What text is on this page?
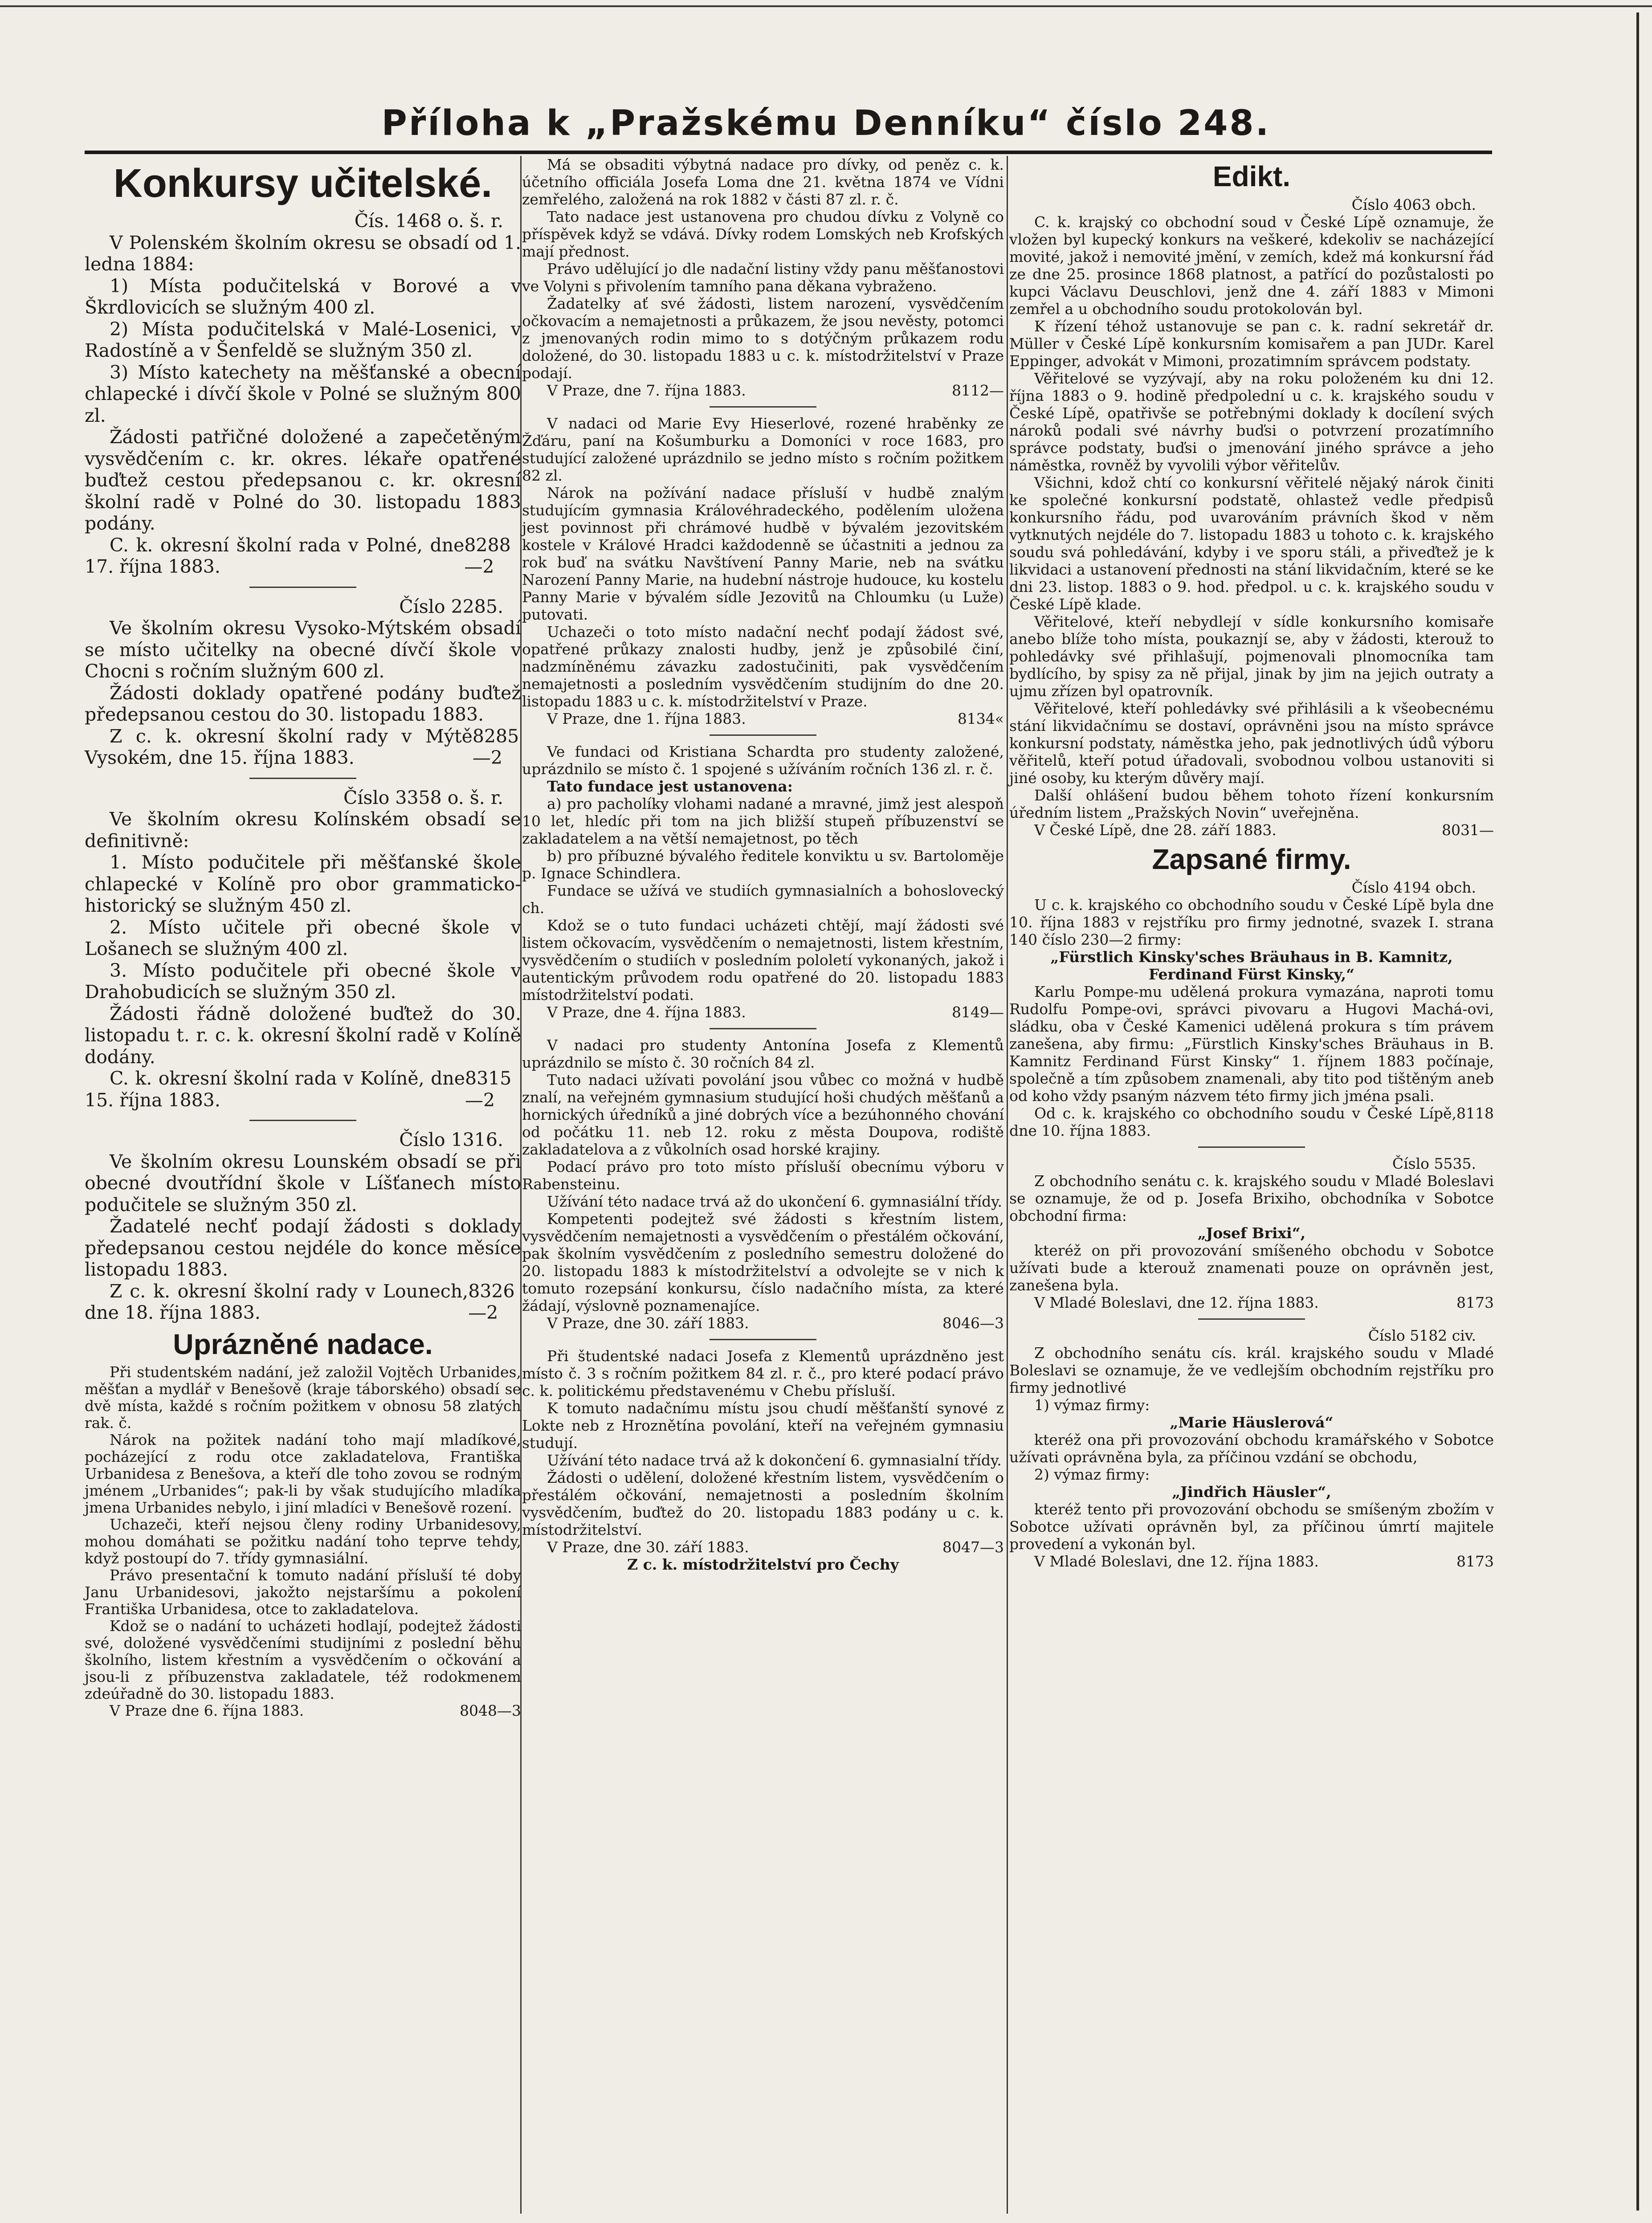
Příloha k „Pražskému Denníku“ číslo 248.
Konkursy učitelské.

Čís. 1468 o. š. r.

V Polenském školním okresu se obsadí od 1. ledna 1884:

1) Místa podučitelská v Borové a v Škrdlovicích se služným 400 zl.

2) Místa podučitelská v Malé-Losenici, v Radostíně a v Šenfeldě se služným 350 zl.

3) Místo katechety na měšťanské a obecní chlapecké i dívčí škole v Polné se služným 800 zl.

Žádosti patřičné doložené a zapečetěným vysvědčením c. kr. okres. lékaře opatřené buďtež cestou předepsanou c. kr. okresní školní radě v Polné do 30. listopadu 1883 podány.

C. k. okresní školní rada v Polné, dne 17. října 1883.
8288—2

Číslo 2285.

Ve školním okresu Vysoko-Mýtském obsadí se místo učitelky na obecné dívčí škole v Chocni s ročním služným 600 zl.

Žádosti doklady opatřené podány buďtež předepsanou cestou do 30. listopadu 1883.

Z c. k. okresní školní rady v Mýtě Vysokém, dne 15. října 1883.
8285—2

Číslo 3358 o. š. r.

Ve školním okresu Kolínském obsadí se definitivně:

1. Místo podučitele při měšťanské škole chlapecké v Kolíně pro obor grammaticko-historický se služným 450 zl.

2. Místo učitele při obecné škole v Lošanech se služným 400 zl.

3. Místo podučitele při obecné škole v Drahobudicích se služným 350 zl.

Žádosti řádně doložené buďtež do 30. listopadu t. r. c. k. okresní školní radě v Kolíně dodány.

C. k. okresní školní rada v Kolíně, dne 15. října 1883.
8315—2

Číslo 1316.

Ve školním okresu Lounském obsadí se při obecné dvoutřídní škole v Líšťanech místo podučitele se služným 350 zl.

Žadatelé nechť podají žádosti s doklady předepsanou cestou nejdéle do konce měsíce listopadu 1883.

Z c. k. okresní školní rady v Lounech, dne 18. října 1883.
8326—2
Uprázněné nadace.

Při studentském nadání, jež založil Vojtěch Urbanides, měšťan a mydlář v Benešově (kraje táborského) obsadí se dvě místa, každé s ročním požitkem v obnosu 58 zlatých rak. č.

Nárok na požitek nadání toho mají mladíkové, pocházející z rodu otce zakladatelova, Františka Urbanidesa z Benešova, a kteří dle toho zovou se rodným jménem „Urbanides“; pak-li by však studujícího mladíka jmena Urbanides nebylo, i jiní mladíci v Benešově rození.

Uchazeči, kteří nejsou členy rodiny Urbanidesovy, mohou domáhati se požitku nadání toho teprve tehdy, když postoupí do 7. třídy gymnasiální.

Právo presentační k tomuto nadání přísluší té doby Janu Urbanidesovi, jakožto nejstaršímu a pokolení Františka Urbanidesa, otce to zakladatelova.

Kdož se o nadání to ucházeti hodlají, podejtež žádosti své, doložené vysvědčeními studijními z poslední běhu školního, listem křestním a vysvědčením o očkování a jsou-li z příbuzenstva zakladatele, též rodokmenem zdeúřadně do 30. listopadu 1883.

V Praze dne 6. října 1883.	8048—3

Má se obsaditi výbytná nadace pro dívky, od peněz c. k. účetního officiála Josefa Loma dne 21. května 1874 ve Vídni zemřelého, založená na rok 1882 v části 87 zl. r. č.

Tato nadace jest ustanovena pro chudou dívku z Volyně co příspěvek když se vdává. Dívky rodem Lomských neb Krofských mají přednost.

Právo udělující jo dle nadační listiny vždy panu měšťanostovi ve Volyni s přivolením tamního pana děkana vybraženo.

Žadatelky ať své žádosti, listem narození, vysvědčením očkovacím a nemajetnosti a průkazem, že jsou nevěsty, potomci z jmenovaných rodin mimo to s dotýčným průkazem rodu doložené, do 30. listopadu 1883 u c. k. místodržitelství v Praze podají.

V Praze, dne 7. října 1883.	8112—

V nadaci od Marie Evy Hieserlové, rozené hraběnky ze Žďáru, paní na Košumburku a Domoníci v roce 1683, pro studující založené uprázdnilo se jedno místo s ročním požitkem 82 zl.

Nárok na požívání nadace přísluší v hudbě znalým studujícím gymnasia Královéhradeckého, podělením uložena jest povinnost při chrámové hudbě v bývalém jezovitském kostele v Králové Hradci každodenně se účastniti a jednou za rok buď na svátku Navštívení Panny Marie, neb na svátku Narození Panny Marie, na hudební nástroje hudouce, ku kostelu Panny Marie v bývalém sídle Jezovitů na Chloumku (u Luže) putovati.

Uchazeči o toto místo nadační nechť podají žádost své, opatřené průkazy znalosti hudby, jenž je způsobilé činí, nadzmíněnému závazku zadostučiniti, pak vysvědčením nemajetnosti a posledním vysvědčením studijním do dne 20. listopadu 1883 u c. k. místodržitelství v Praze.

V Praze, dne 1. října 1883.	8134«

Ve fundaci od Kristiana Schardta pro studenty založené, uprázdnilo se místo č. 1 spojené s užíváním ročních 136 zl. r. č.

Tato fundace jest ustanovena:

a) pro pacholíky vlohami nadané a mravné, jimž jest alespoň 10 let, hledíc při tom na jich bližší stupeň příbuzenství se zakladatelem a na větší nemajetnost, po těch

b) pro příbuzné bývalého ředitele konviktu u sv. Bartoloměje p. Ignace Schindlera.

Fundace se užívá ve studiích gymnasialních a bohoslovecký ch.

Kdož se o tuto fundaci ucházeti chtějí, mají žádosti své listem očkovacím, vysvědčením o nemajetnosti, listem křestním, vysvědčením o studiích v posledním pololetí vykonaných, jakož i autentickým průvodem rodu opatřené do 20. listopadu 1883 místodržitelství podati.

V Praze, dne 4. října 1883.	8149—

V nadaci pro studenty Antonína Josefa z Klementů uprázdnilo se místo č. 30 ročních 84 zl.

Tuto nadaci užívati povolání jsou vůbec co možná v hudbě znalí, na veřejném gymnasium studující hoši chudých měšťanů a hornických úředníků a jiné dobrých více a bezúhonného chování od počátku 11. neb 12. roku z města Doupova, rodiště zakladatelova a z vůkolních osad horské krajiny.

Podací právo pro toto místo přísluší obecnímu výboru v Rabensteinu.

Užívání této nadace trvá až do ukončení 6. gymnasiální třídy.

Kompetenti podejtež své žádosti s křestním listem, vysvědčením nemajetnosti a vysvědčením o přestálém očkování, pak školním vysvědčením z posledního semestru doložené do 20. listopadu 1883 k místodržitelství a odvolejte se v nich k tomuto rozepsání konkursu, číslo nadačního místa, za které žádají, výslovně poznamenajíce.

V Praze, dne 30. září 1883.	8046—3

Při študentské nadaci Josefa z Klementů uprázdněno jest místo č. 3 s ročním požitkem 84 zl. r. č., pro které podací právo c. k. politickému představenému v Chebu přísluší.

K tomuto nadačnímu místu jsou chudí měšťanští synové z Lokte neb z Hroznětína povolání, kteří na veřejném gymnasiu studují.

Užívání této nadace trvá až k dokončení 6. gymnasialní třídy.

Žádosti o udělení, doložené křestním listem, vysvědčením o přestálém očkování, nemajetnosti a posledním školním vysvědčením, buďtež do 20. listopadu 1883 podány u c. k. místodržitelství.

V Praze, dne 30. září 1883.	8047—3

Z c. k. místodržitelství pro Čechy

Edikt.

Číslo 4063 obch.

C. k. krajský co obchodní soud v České Lípě oznamuje, že vložen byl kupecký konkurs na veškeré, kdekoliv se nacházející movité, jakož i nemovité jmění, v zemích, kdež má konkursní řád ze dne 25. prosince 1868 platnost, a patřící do pozůstalosti po kupci Václavu Deuschlovi, jenž dne 4. září 1883 v Mimoni zemřel a u obchodního soudu protokolován byl.

K řízení téhož ustanovuje se pan c. k. radní sekretář dr. Müller v České Lípě konkursním komisařem a pan JUDr. Karel Eppinger, advokát v Mimoni, prozatimním správcem podstaty.

Věřitelové se vyzývají, aby na roku položeném ku dni 12. října 1883 o 9. hodině předpolední u c. k. krajského soudu v České Lípě, opatřivše se potřebnými doklady k docílení svých nároků podali své návrhy buďsi o potvrzení prozatímního správce podstaty, buďsi o jmenování jiného správce a jeho náměstka, rovněž by vyvolili výbor věřitelův.

Všichni, kdož chtí co konkursní věřitelé nějaký nárok činiti ke společné konkursní podstatě, ohlastež vedle předpisů konkursního řádu, pod uvarováním právních škod v něm vytknutých nejdéle do 7. listopadu 1883 u tohoto c. k. krajského soudu svá pohledávání, kdyby i ve sporu stáli, a přiveďtež je k likvidaci a ustanovení přednosti na stání likvidačním, které se ke dni 23. listop. 1883 o 9. hod. předpol. u c. k. krajského soudu v České Lípě klade.

Věřitelové, kteří nebydlejí v sídle konkursního komisaře anebo blíže toho místa, poukaznjí se, aby v žádosti, kterouž to pohledávky své přihlašují, pojmenovali plnomocníka tam bydlícího, by spisy za ně přijal, jinak by jim na jejich outraty a ujmu zřízen byl opatrovník.

Věřitelové, kteří pohledávky své přihlásili a k všeobecnému stání likvidačnímu se dostaví, oprávněni jsou na místo správce konkursní podstaty, náměstka jeho, pak jednotlivých údů výboru věřitelů, kteří potud úřadovali, svobodnou volbou ustanoviti si jiné osoby, ku kterým důvěry mají.

Další ohlášení budou během tohoto řízení konkursním úředním listem „Pražských Novin“ uveřejněna.

V České Lípě, dne 28. září 1883.	8031—
Zapsané firmy.

Číslo 4194 obch.

U c. k. krajského co obchodního soudu v České Lípě byla dne 10. října 1883 v rejstříku pro firmy jednotné, svazek I. strana 140 číslo 230—2 firmy:

„Fürstlich Kinsky'sches Bräuhaus in B. Kamnitz, Ferdinand Fürst Kinsky,“

Karlu Pompe-mu udělená prokura vymazána, naproti tomu Rudolfu Pompe-ovi, správci pivovaru a Hugovi Machá-ovi, sládku, oba v České Kamenici udělená prokura s tím právem zanešena, aby firmu: „Fürstlich Kinsky'sches Bräuhaus in B. Kamnitz Ferdinand Fürst Kinsky“ 1. říjnem 1883 počínaje, společně a tím způsobem znamenali, aby tito pod tištěným aneb od koho vždy psaným názvem této firmy jich jména psali.

Od c. k. krajského co obchodního soudu v České Lípě, dne 10. října 1883.
8118

Číslo 5535.

Z obchodního senátu c. k. krajského soudu v Mladé Boleslavi se oznamuje, že od p. Josefa Brixiho, obchodníka v Sobotce obchodní firma:

„Josef Brixi“,

kteréž on při provozování smíšeného obchodu v Sobotce užívati bude a kterouž znamenati pouze on oprávněn jest, zanešena byla.

V Mladé Boleslavi, dne 12. října 1883.	8173

Číslo 5182 civ.

Z obchodního senátu cís. král. krajského soudu v Mladé Boleslavi se oznamuje, že ve vedlejším obchodním rejstříku pro firmy jednotlivé

1) výmaz firmy:

„Marie Häuslerová“

kteréž ona při provozování obchodu kramářského v Sobotce užívati oprávněna byla, za příčinou vzdání se obchodu,

2) výmaz firmy:

„Jindřich Häusler“,

kteréž tento při provozování obchodu se smíšeným zbožím v Sobotce užívati oprávněn byl, za příčinou úmrtí majitele provedení a vykonán byl.

V Mladé Boleslavi, dne 12. října 1883.	8173
